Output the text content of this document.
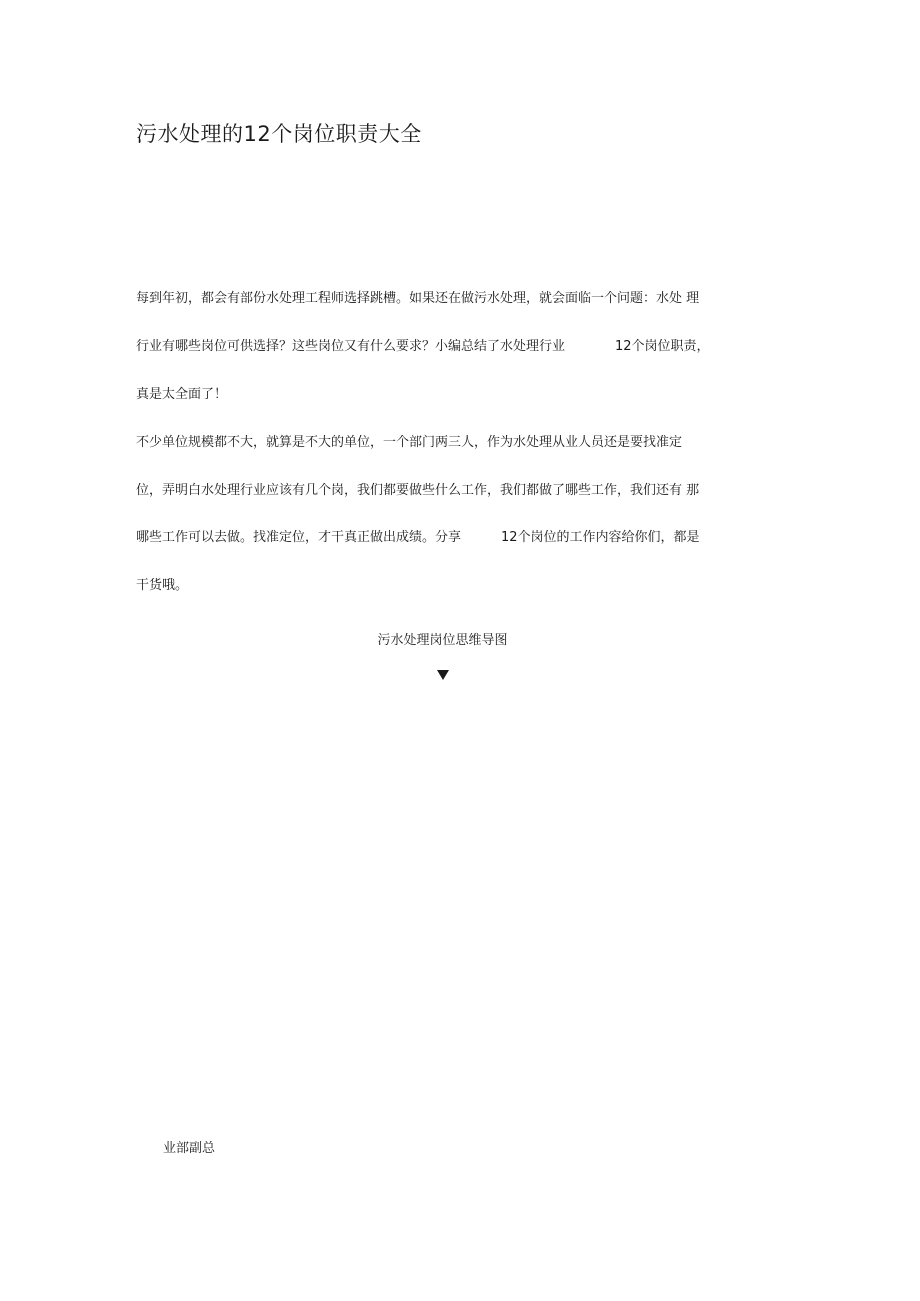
污水处理的12个岗位职责大全
每到年初，都会有部份水处理工程师选择跳槽。如果还在做污水处理，就会面临一个问题：水处 理
行业有哪些岗位可供选择？这些岗位又有什么要求？小编总结了水处理行业	12个岗位职责，
真是太全面了！
不少单位规模都不大，就算是不大的单位，一个部门两三人，作为水处理从业人员还是要找准定
位，弄明白水处理行业应该有几个岗，我们都要做些什么工作，我们都做了哪些工作，我们还有 那
哪些工作可以去做。找准定位，才干真正做出成绩。分享	12个岗位的工作内容给你们，都是
干货哦。
污水处理岗位思维导图
业部副总
